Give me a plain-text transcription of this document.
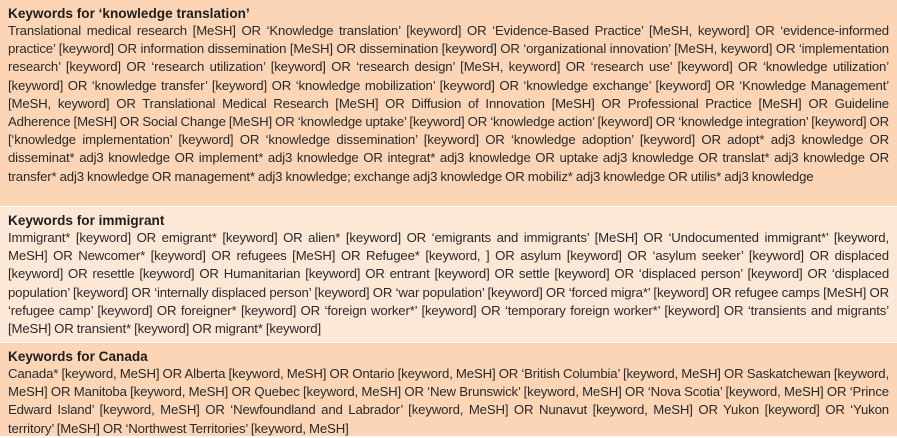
Keywords for ‘knowledge translation’
Translational medical research [MeSH] OR ‘Knowledge translation’ [keyword] OR ‘Evidence-Based Practice’ [MeSH, keyword] OR ‘evidence-informed practice’ [keyword] OR information dissemination [MeSH] OR dissemination [keyword] OR ‘organizational innovation’ [MeSH, keyword] OR ‘implementation research’ [keyword] OR ‘research utilization’ [keyword] OR ‘research design’ [MeSH, keyword] OR ‘research use’ [keyword] OR ‘knowledge utilization’ [keyword] OR ‘knowledge transfer’ [keyword] OR ‘knowledge mobilization’ [keyword] OR ‘knowledge exchange’ [keyword] OR ‘Knowledge Management’ [MeSH, keyword] OR Translational Medical Research [MeSH] OR Diffusion of Innovation [MeSH] OR Professional Practice [MeSH] OR Guideline Adherence [MeSH] OR Social Change [MeSH] OR ‘knowledge uptake’ [keyword] OR ‘knowledge action’ [keyword] OR ‘knowledge integration’ [keyword] OR [‘knowledge implementation’ [keyword] OR ‘knowledge dissemination’ [keyword] OR ‘knowledge adoption’ [keyword] OR adopt* adj3 knowledge OR disseminat* adj3 knowledge OR implement* adj3 knowledge OR integrat* adj3 knowledge OR uptake adj3 knowledge OR translat* adj3 knowledge OR transfer* adj3 knowledge OR management* adj3 knowledge; exchange adj3 knowledge OR mobiliz* adj3 knowledge OR utilis* adj3 knowledge
Keywords for immigrant
Immigrant* [keyword] OR emigrant* [keyword] OR alien* [keyword] OR ‘emigrants and immigrants’ [MeSH] OR ‘Undocumented immigrant*’ [keyword, MeSH] OR Newcomer* [keyword] OR refugees [MeSH] OR Refugee* [keyword, ] OR asylum [keyword] OR ‘asylum seeker’ [keyword] OR displaced [keyword] OR resettle [keyword] OR Humanitarian [keyword] OR entrant [keyword] OR settle [keyword] OR ‘displaced person’ [keyword] OR ‘displaced population’ [keyword] OR ‘internally displaced person’ [keyword] OR ‘war population’ [keyword] OR ‘forced migra*’ [keyword] OR refugee camps [MeSH] OR ‘refugee camp’ [keyword] OR foreigner* [keyword] OR ‘foreign worker*’ [keyword] OR ‘temporary foreign worker*’ [keyword] OR ‘transients and migrants’ [MeSH] OR transient* [keyword] OR migrant* [keyword]
Keywords for Canada
Canada* [keyword, MeSH] OR Alberta [keyword, MeSH] OR Ontario [keyword, MeSH] OR ‘British Columbia’ [keyword, MeSH] OR Saskatchewan [keyword, MeSH] OR Manitoba [keyword, MeSH] OR Quebec [keyword, MeSH] OR ‘New Brunswick’ [keyword, MeSH] OR ‘Nova Scotia’ [keyword, MeSH] OR ‘Prince Edward Island’ [keyword, MeSH] OR ‘Newfoundland and Labrador’ [keyword, MeSH] OR Nunavut [keyword, MeSH] OR Yukon [keyword] OR ‘Yukon territory’ [MeSH] OR ‘Northwest Territories’ [keyword, MeSH]
